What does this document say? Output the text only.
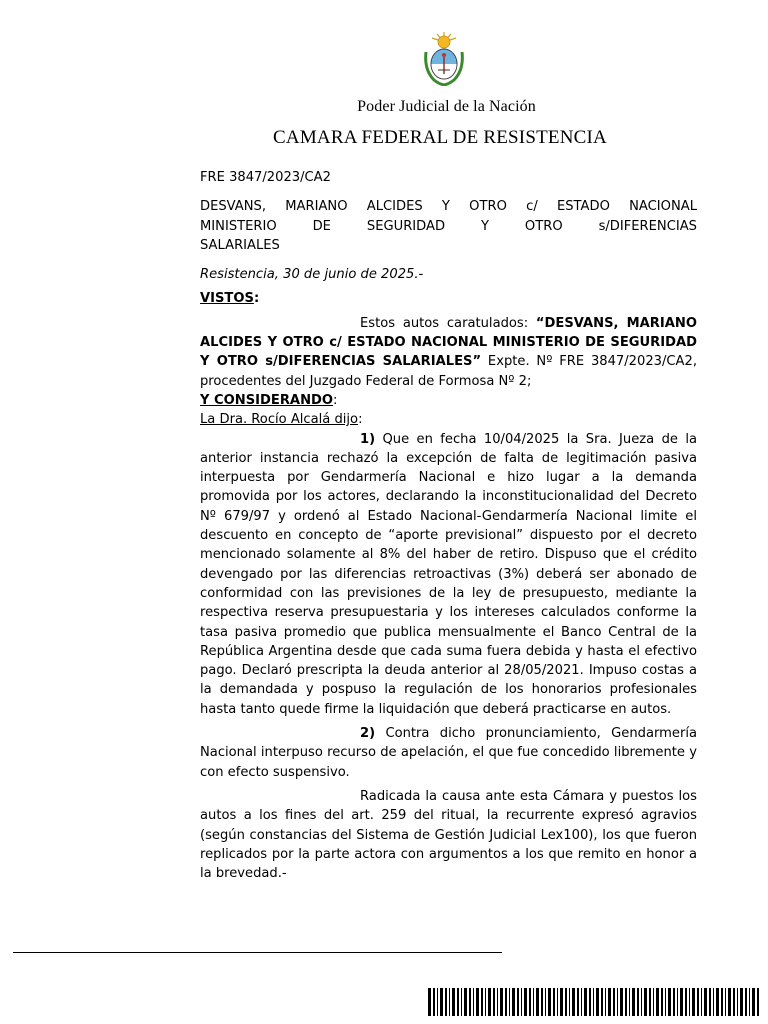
Poder Judicial de la Nación
CAMARA FEDERAL DE RESISTENCIA

FRE 3847/2023/CA2

DESVANS, MARIANO ALCIDES Y OTRO c/ ESTADO NACIONAL

MINISTERIO DE SEGURIDAD Y OTRO s/DIFERENCIAS

SALARIALES

Resistencia, 30 de junio de 2025.-

VISTOS:

Estos autos caratulados: “DESVANS, MARIANO ALCIDES Y OTRO c/ ESTADO NACIONAL MINISTERIO DE SEGURIDAD Y OTRO s/DIFERENCIAS SALARIALES” Expte. Nº FRE 3847/2023/CA2, procedentes del Juzgado Federal de Formosa Nº 2;

Y CONSIDERANDO:

La Dra. Rocío Alcalá dijo:

1) Que en fecha 10/04/2025 la Sra. Jueza de la anterior instancia rechazó la excepción de falta de legitimación pasiva interpuesta por Gendarmería Nacional e hizo lugar a la demanda promovida por los actores, declarando la inconstitucionalidad del Decreto Nº 679/97 y ordenó al Estado Nacional-Gendarmería Nacional limite el descuento en concepto de “aporte previsional” dispuesto por el decreto mencionado solamente al 8% del haber de retiro. Dispuso que el crédito devengado por las diferencias retroactivas (3%) deberá ser abonado de conformidad con las previsiones de la ley de presupuesto, mediante la respectiva reserva presupuestaria y los intereses calculados conforme la tasa pasiva promedio que publica mensualmente el Banco Central de la República Argentina desde que cada suma fuera debida y hasta el efectivo pago. Declaró prescripta la deuda anterior al 28/05/2021. Impuso costas a la demandada y pospuso la regulación de los honorarios profesionales hasta tanto quede firme la liquidación que deberá practicarse en autos.

2) Contra dicho pronunciamiento, Gendarmería Nacional interpuso recurso de apelación, el que fue concedido libremente y con efecto suspensivo.

Radicada la causa ante esta Cámara y puestos los autos a los fines del art. 259 del ritual, la recurrente expresó agravios (según constancias del Sistema de Gestión Judicial Lex100), los que fueron replicados por la parte actora con argumentos a los que remito en honor a la brevedad.-
